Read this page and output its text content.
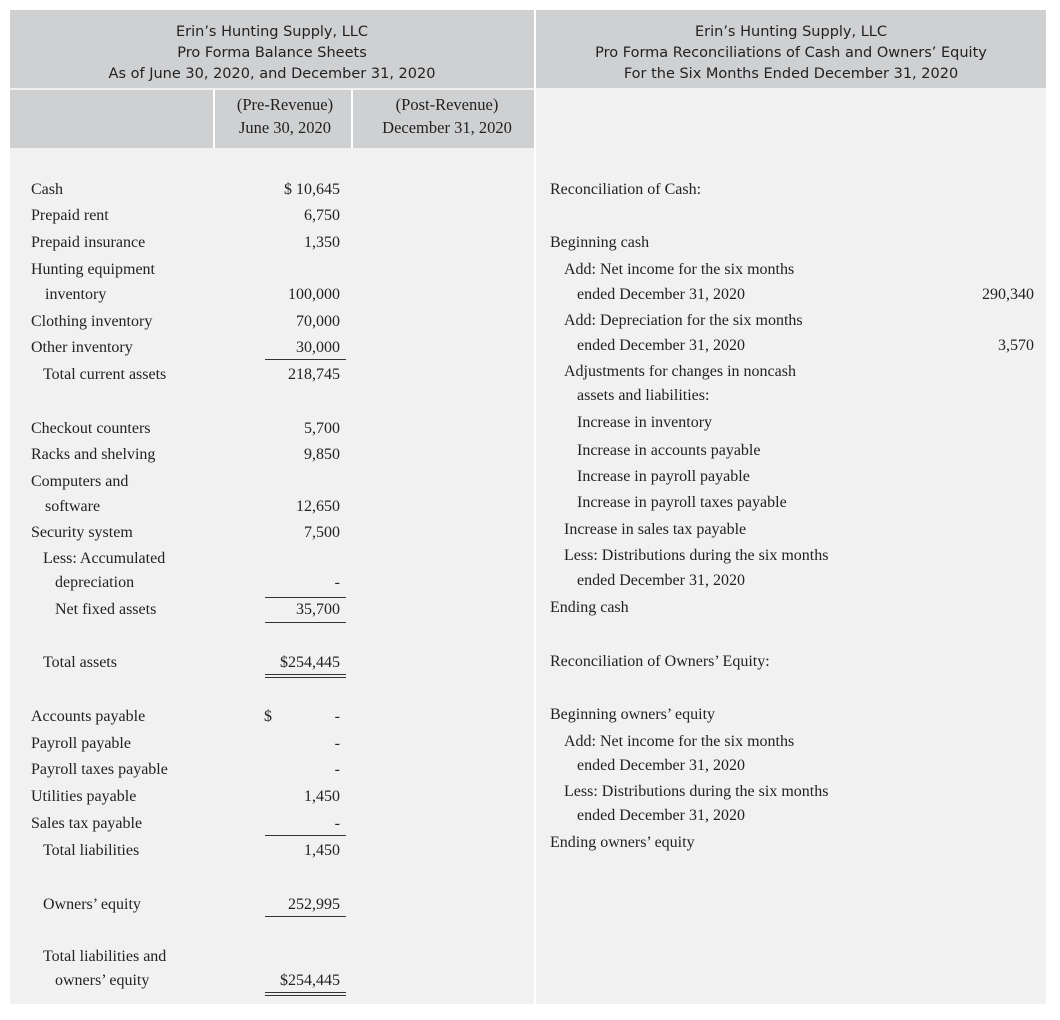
Erin’s Hunting Supply, LLC
Pro Forma Balance Sheets
As of June 30, 2020, and December 31, 2020
Erin’s Hunting Supply, LLC
Pro Forma Reconciliations of Cash and Owners’ Equity
For the Six Months Ended December 31, 2020
(Pre-Revenue)
June 30, 2020
(Post-Revenue)
December 31, 2020
Cash	$ 10,645
Prepaid rent	6,750
Prepaid insurance	1,350
Hunting equipment
inventory	100,000
Clothing inventory	70,000
Other inventory	30,000
Total current assets	218,745
Checkout counters	5,700
Racks and shelving	9,850
Computers and
software	12,650
Security system	7,500
Less: Accumulated
depreciation	-
Net fixed assets	35,700
Total assets	$254,445
Accounts payable	$	-
Payroll payable	-
Payroll taxes payable	-
Utilities payable	1,450
Sales tax payable	-
Total liabilities	1,450
Owners’ equity	252,995
Total liabilities and
owners’ equity	$254,445
Reconciliation of Cash:
Beginning cash
Add: Net income for the six months
ended December 31, 2020	290,340
Add: Depreciation for the six months
ended December 31, 2020	3,570
Adjustments for changes in noncash
assets and liabilities:
Increase in inventory
Increase in accounts payable
Increase in payroll payable
Increase in payroll taxes payable
Increase in sales tax payable
Less: Distributions during the six months
ended December 31, 2020
Ending cash
Reconciliation of Owners’ Equity:
Beginning owners’ equity
Add: Net income for the six months
ended December 31, 2020
Less: Distributions during the six months
ended December 31, 2020
Ending owners’ equity
